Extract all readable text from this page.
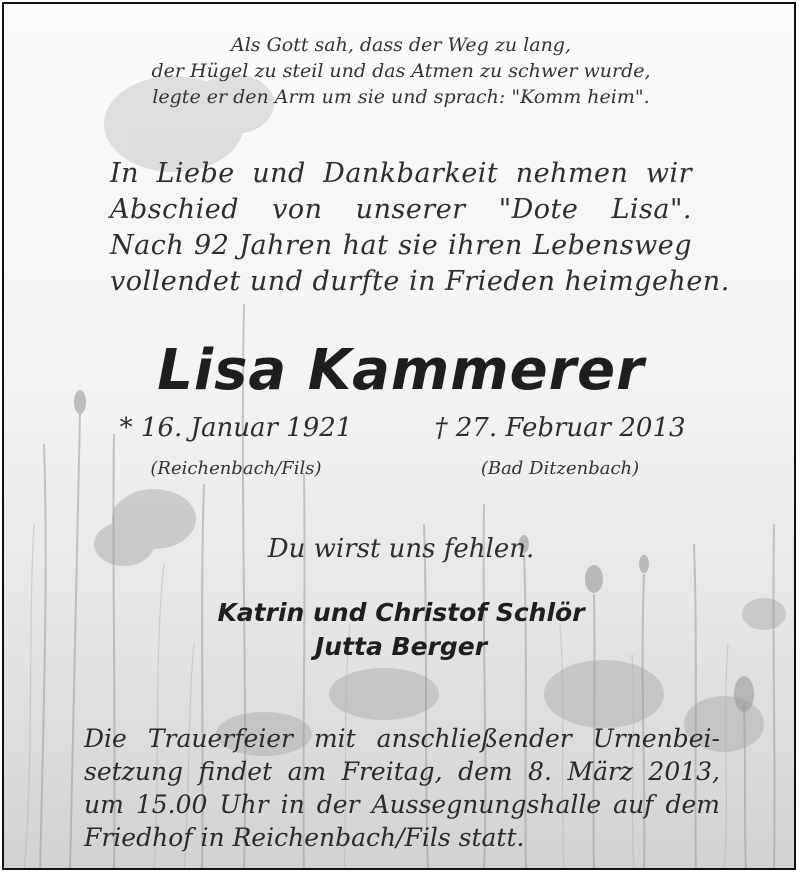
Als Gott sah, dass der Weg zu lang,
der Hügel zu steil und das Atmen zu schwer wurde,
legte er den Arm um sie und sprach: "Komm heim".
In Liebe und Dankbarkeit nehmen wir
Abschied von unserer "Dote Lisa".
Nach 92 Jahren hat sie ihren Lebensweg
vollendet und durfte in Frieden heimgehen.
Lisa Kammerer
* 16. Januar 1921
(Reichenbach/Fils)
† 27. Februar 2013
(Bad Ditzenbach)
Du wirst uns fehlen.
Katrin und Christof Schlör
Jutta Berger
Die Trauerfeier mit anschließender Urnenbei-
setzung findet am Freitag, dem 8. März 2013,
um 15.00 Uhr in der Aussegnungshalle auf dem
Friedhof in Reichenbach/Fils statt.
